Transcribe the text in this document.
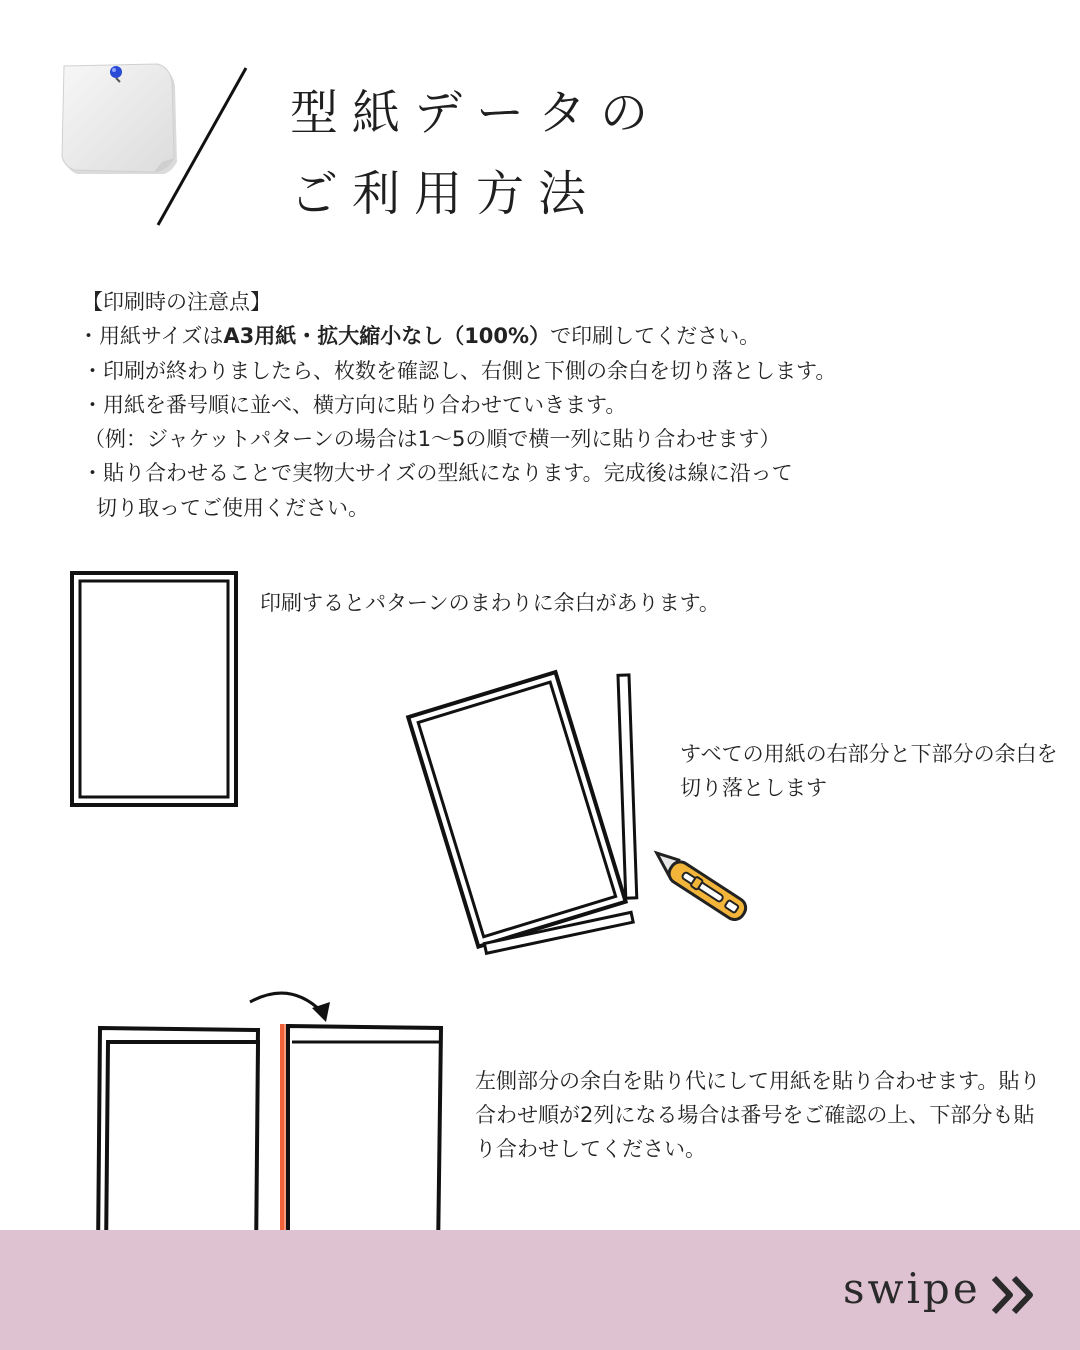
型紙データの
ご利用方法
【印刷時の注意点】
・用紙サイズはA3用紙・拡大縮小なし（100%）で印刷してください。
・印刷が終わりましたら、枚数を確認し、右側と下側の余白を切り落とします。
・用紙を番号順に並べ、横方向に貼り合わせていきます。
（例：ジャケットパターンの場合は1〜5の順で横一列に貼り合わせます）
・貼り合わせることで実物大サイズの型紙になります。完成後は線に沿って
切り取ってご使用ください。
印刷するとパターンのまわりに余白があります。
すべての用紙の右部分と下部分の余白を切り落とします
左側部分の余白を貼り代にして用紙を貼り合わせます。貼り合わせ順が2列になる場合は番号をご確認の上、下部分も貼り合わせしてください。
swipe
